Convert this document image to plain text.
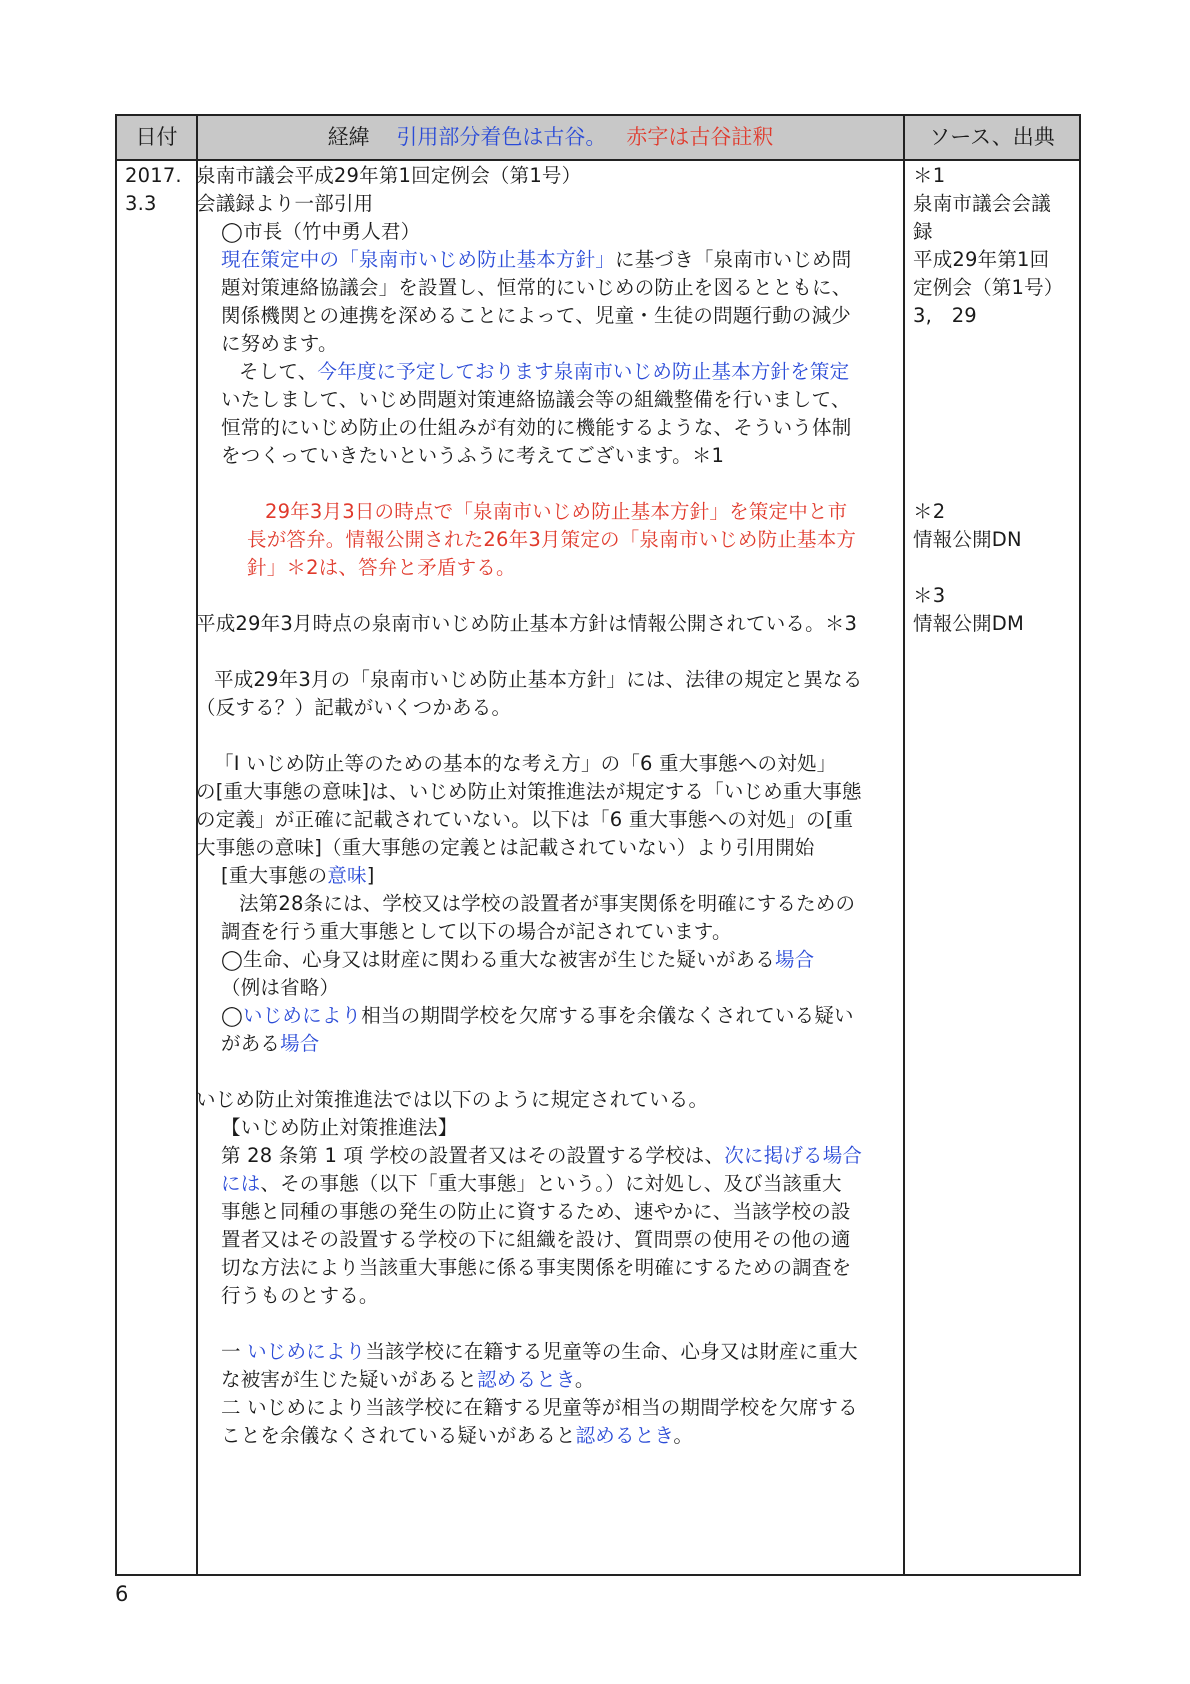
日付	経緯 引用部分着色は古谷。 赤字は古谷註釈	ソース、出典
2017.
3.3
泉南市議会平成29年第1回定例会（第1号）
会議録より一部引用
◯市長（竹中勇人君）
現在策定中の「泉南市いじめ防止基本方針」に基づき「泉南市いじめ問
題対策連絡協議会」を設置し、恒常的にいじめの防止を図るとともに、
関係機関との連携を深めることによって、児童・生徒の問題行動の減少
に努めます。
そして、今年度に予定しております泉南市いじめ防止基本方針を策定
いたしまして、いじめ問題対策連絡協議会等の組織整備を行いまして、
恒常的にいじめ防止の仕組みが有効的に機能するような、そういう体制
をつくっていきたいというふうに考えてございます。＊1
29年3月3日の時点で「泉南市いじめ防止基本方針」を策定中と市
長が答弁。情報公開された26年3月策定の「泉南市いじめ防止基本方
針」＊2は、答弁と矛盾する。
平成29年3月時点の泉南市いじめ防止基本方針は情報公開されている。＊3
平成29年3月の「泉南市いじめ防止基本方針」には、法律の規定と異なる
（反する？）記載がいくつかある。
「Ⅰ いじめ防止等のための基本的な考え方」の「6 重大事態への対処」
の[重大事態の意味]は、いじめ防止対策推進法が規定する「いじめ重大事態
の定義」が正確に記載されていない。以下は「6 重大事態への対処」の[重
大事態の意味]（重大事態の定義とは記載されていない）より引用開始
[重大事態の意味]
法第28条には、学校又は学校の設置者が事実関係を明確にするための
調査を行う重大事態として以下の場合が記されています。
◯生命、心身又は財産に関わる重大な被害が生じた疑いがある場合
（例は省略）
◯いじめにより相当の期間学校を欠席する事を余儀なくされている疑い
がある場合
いじめ防止対策推進法では以下のように規定されている。
【いじめ防止対策推進法】
第 28 条第 1 項 学校の設置者又はその設置する学校は、次に掲げる場合
には、その事態（以下「重大事態」という。）に対処し、及び当該重大
事態と同種の事態の発生の防止に資するため、速やかに、当該学校の設
置者又はその設置する学校の下に組織を設け、質問票の使用その他の適
切な方法により当該重大事態に係る事実関係を明確にするための調査を
行うものとする。
一 いじめにより当該学校に在籍する児童等の生命、心身又は財産に重大
な被害が生じた疑いがあると認めるとき。
二 いじめにより当該学校に在籍する児童等が相当の期間学校を欠席する
ことを余儀なくされている疑いがあると認めるとき。
＊1
泉南市議会会議
録
平成29年第1回
定例会（第1号）
3,　29
＊2
情報公開DN
＊3
情報公開DM
6
